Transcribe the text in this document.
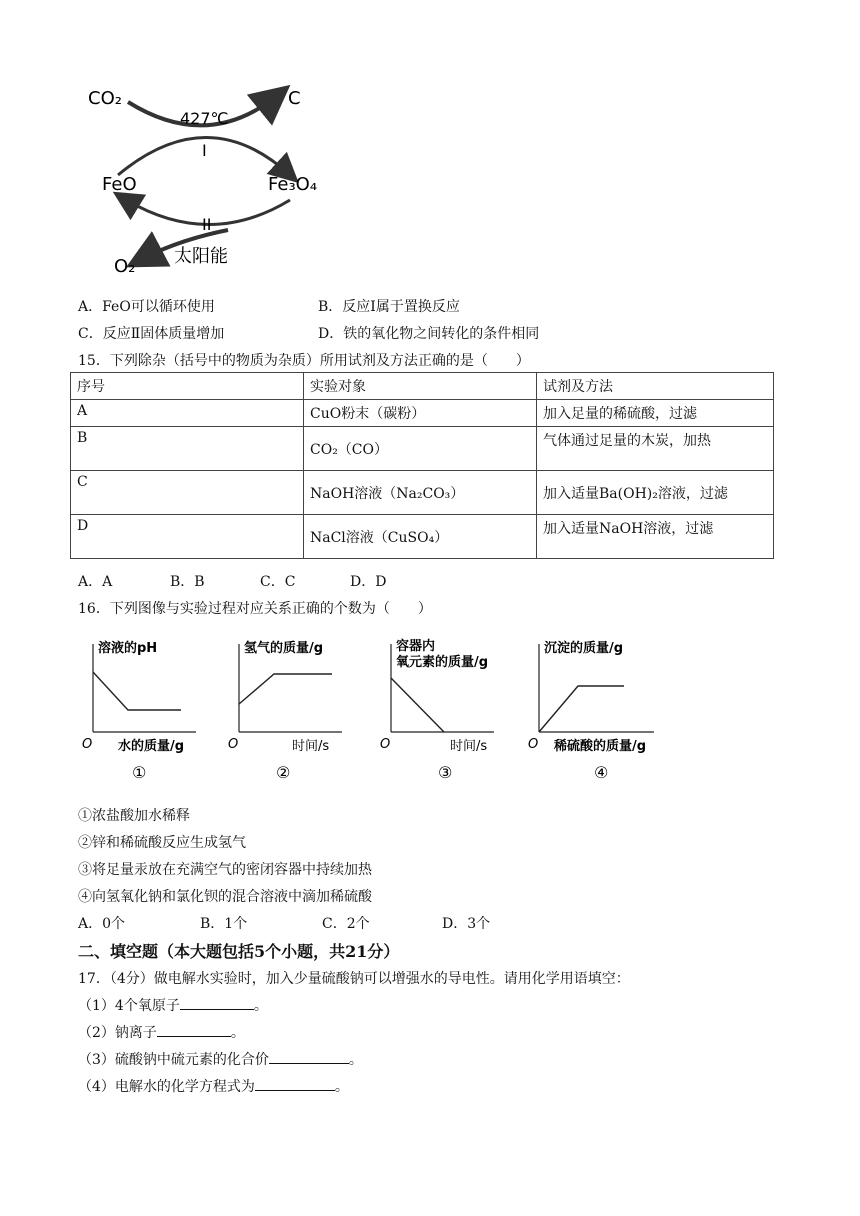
CO₂	C
427℃
I
FeO	Fe₃O₄
II
O₂ 太阳能
A．FeO可以循环使用	B．反应I属于置换反应
C．反应Ⅱ固体质量增加	D．铁的氧化物之间转化的条件相同
15．下列除杂（括号中的物质为杂质）所用试剂及方法正确的是（　　）
序号	实验对象	试剂及方法
A	CuO粉末（碳粉）	加入足量的稀硫酸，过滤
B	CO₂（CO）	气体通过足量的木炭，加热
C	NaOH溶液（Na₂CO₃）	加入适量Ba(OH)₂溶液，过滤
D	NaCl溶液（CuSO₄）	加入适量NaOH溶液，过滤
A．A	B．B	C．C	D．D
16．下列图像与实验过程对应关系正确的个数为（　　）
溶液的pH
O 水的质量/g
①
氢气的质量/g
O	时间/s
②
容器内
氧元素的质量/g
O	时间/s
③
沉淀的质量/g
O 稀硫酸的质量/g
④
①浓盐酸加水稀释
②锌和稀硫酸反应生成氢气
③将足量汞放在充满空气的密闭容器中持续加热
④向氢氧化钠和氯化钡的混合溶液中滴加稀硫酸
A．0个	B．1个	C．2个	D．3个
二、填空题（本大题包括5个小题，共21分）
17．（4分）做电解水实验时，加入少量硫酸钠可以增强水的导电性。请用化学用语填空：
（1）4个氧原子	。
（2）钠离子	。
（3）硫酸钠中硫元素的化合价	。
（4）电解水的化学方程式为	。
